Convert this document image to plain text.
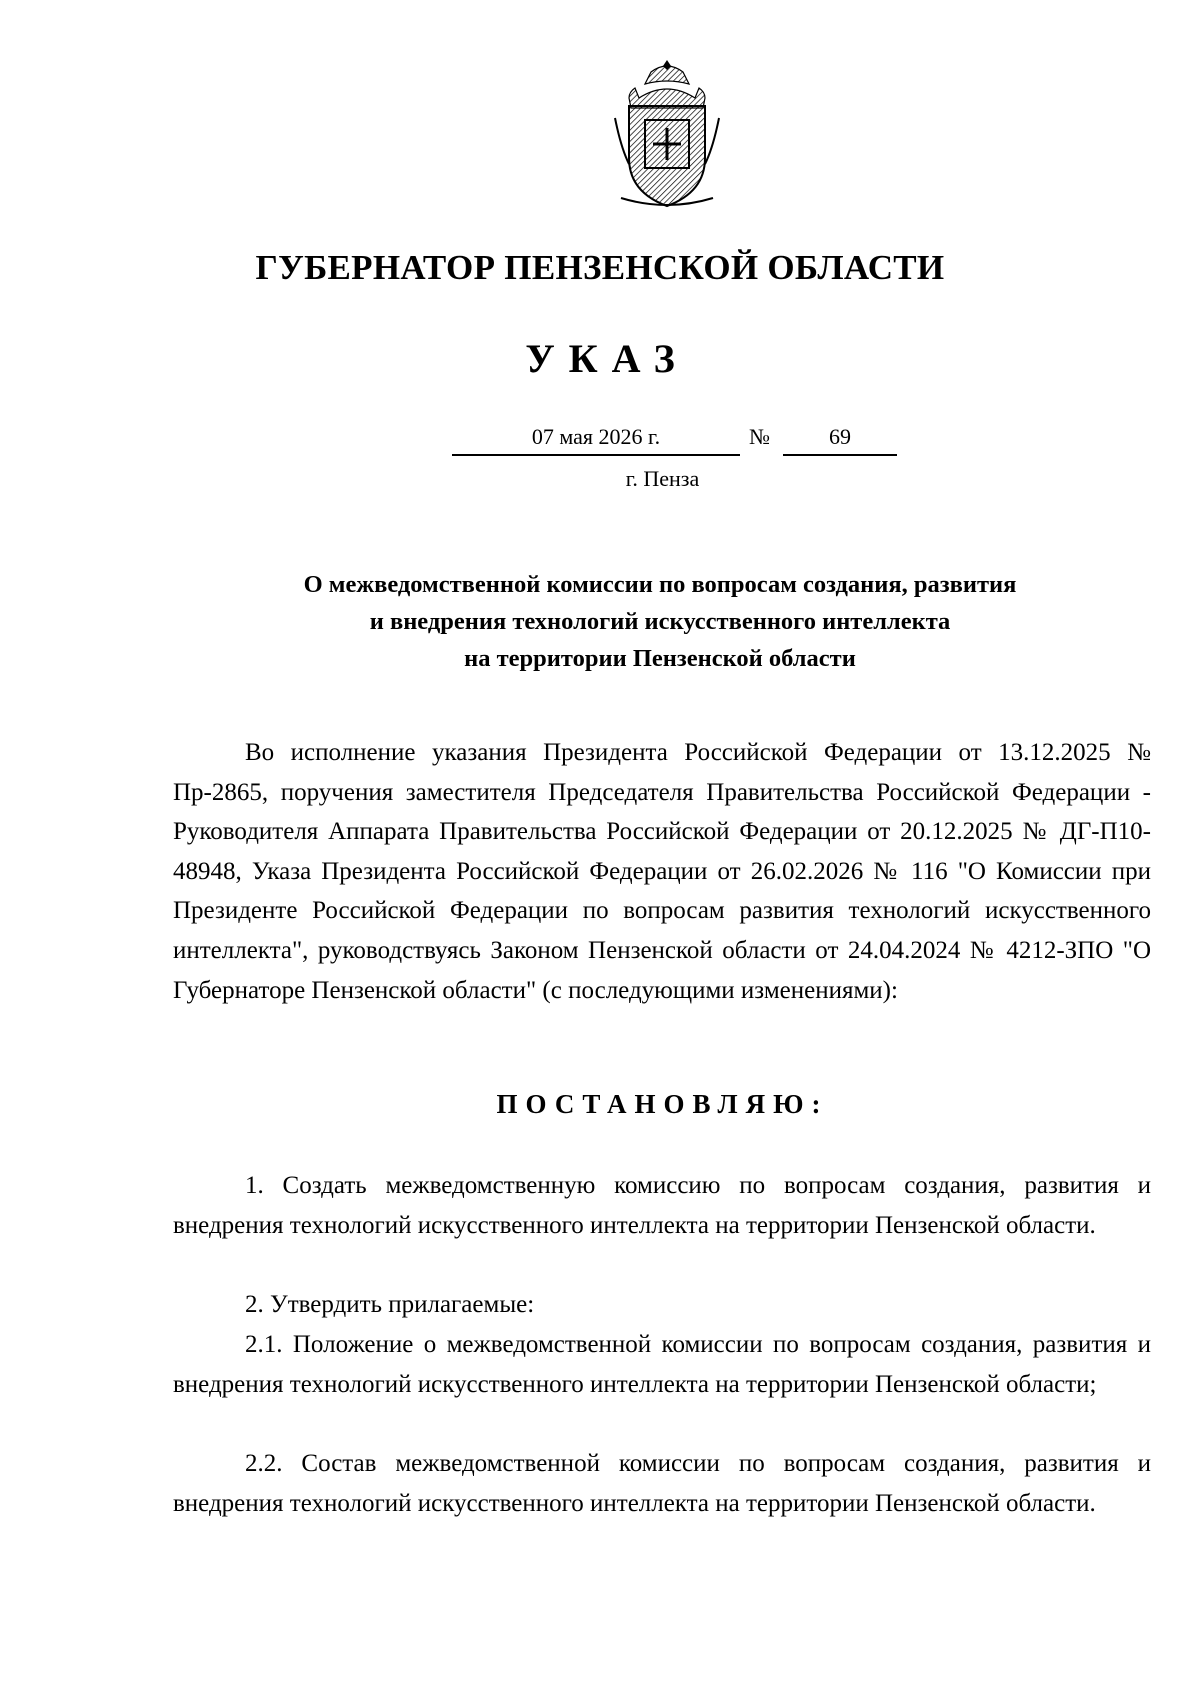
ГУБЕРНАТОР ПЕНЗЕНСКОЙ ОБЛАСТИ
УКАЗ
07 мая 2026 г.	№	69
г. Пенза
О межведомственной комиссии по вопросам создания, развития
и внедрения технологий искусственного интеллекта
на территории Пензенской области
Во исполнение указания Президента Российской Федерации от 13.12.2025 № Пр-2865, поручения заместителя Председателя Правительства Российской Федерации - Руководителя Аппарата Правительства Российской Федерации от 20.12.2025 № ДГ-П10-48948, Указа Президента Российской Федерации от 26.02.2026 № 116 "О Комиссии при Президенте Российской Федерации по вопросам развития технологий искусственного интеллекта", руководствуясь Законом Пензенской области от 24.04.2024 № 4212-ЗПО "О Губернаторе Пензенской области" (с последующими изменениями):
ПОСТАНОВЛЯЮ:
1. Создать межведомственную комиссию по вопросам создания, развития и внедрения технологий искусственного интеллекта на территории Пензенской области.
2. Утвердить прилагаемые:
2.1. Положение о межведомственной комиссии по вопросам создания, развития и внедрения технологий искусственного интеллекта на территории Пензенской области;
2.2. Состав межведомственной комиссии по вопросам создания, развития и внедрения технологий искусственного интеллекта на территории Пензенской области.
